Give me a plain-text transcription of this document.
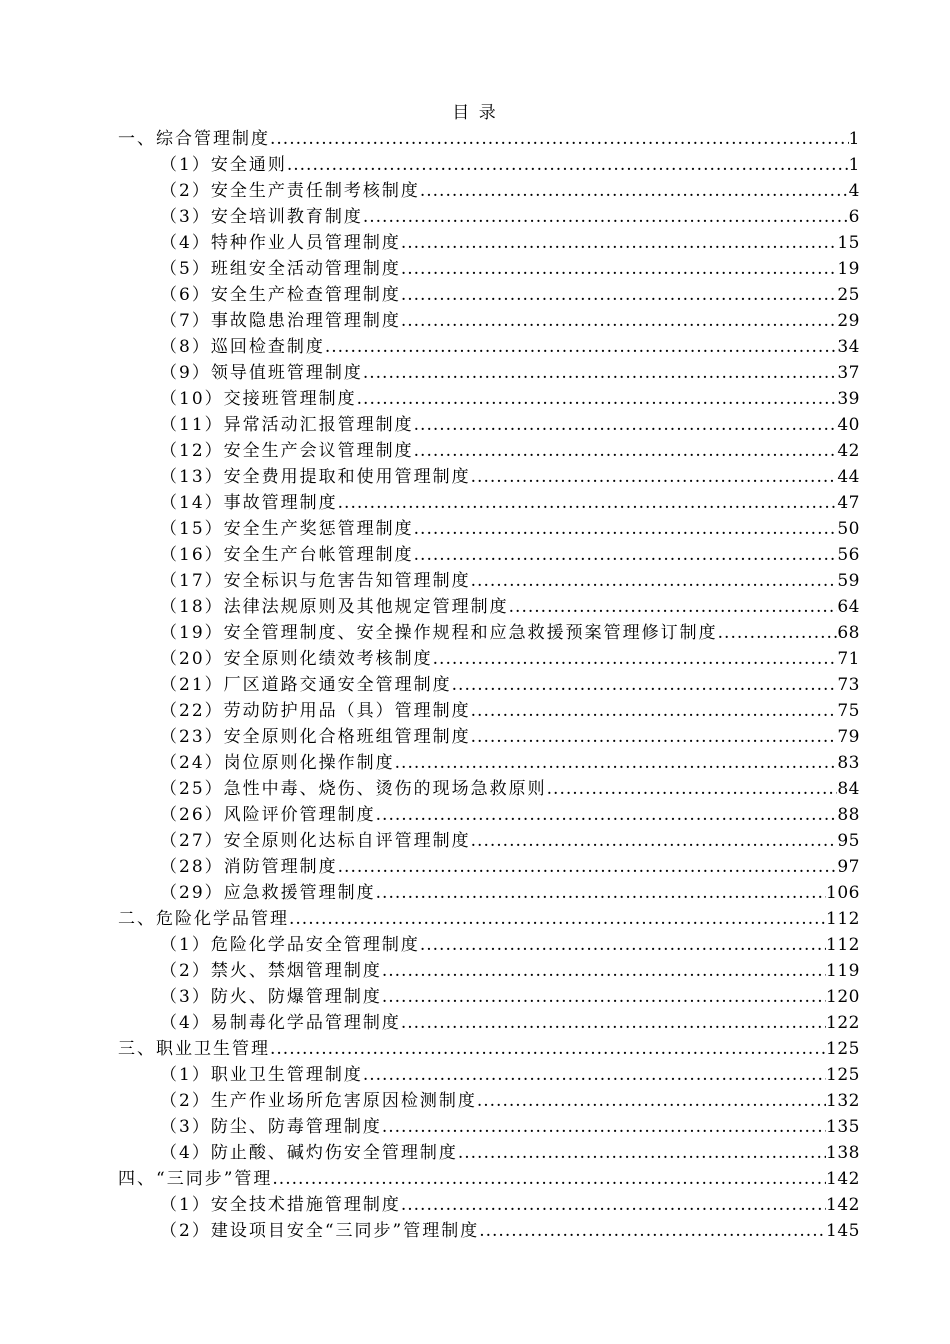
目 录
一、综合管理制度 .....	1
（1）安全通则 .....	1
（2）安全生产责任制考核制度 .....	4
（3）安全培训教育制度 .....	6
（4）特种作业人员管理制度 .....	15
（5）班组安全活动管理制度 .....	19
（6）安全生产检查管理制度 .....	25
（7）事故隐患治理管理制度 .....	29
（8）巡回检查制度 .....	34
（9）领导值班管理制度 .....	37
（10）交接班管理制度 .....	39
（11）异常活动汇报管理制度 .....	40
（12）安全生产会议管理制度 .....	42
（13）安全费用提取和使用管理制度 .....	44
（14）事故管理制度 .....	47
（15）安全生产奖惩管理制度 .....	50
（16）安全生产台帐管理制度 .....	56
（17）安全标识与危害告知管理制度 .....	59
（18）法律法规原则及其他规定管理制度 .....	64
（19）安全管理制度、安全操作规程和应急救援预案管理修订制度 .....	68
（20）安全原则化绩效考核制度 .....	71
（21）厂区道路交通安全管理制度 .....	73
（22）劳动防护用品（具）管理制度 .....	75
（23）安全原则化合格班组管理制度 .....	79
（24）岗位原则化操作制度 .....	83
（25）急性中毒、烧伤、烫伤的现场急救原则 .....	84
（26）风险评价管理制度 .....	88
（27）安全原则化达标自评管理制度 .....	95
（28）消防管理制度 .....	97
（29）应急救援管理制度 .....	106
二、危险化学品管理 .....	112
（1）危险化学品安全管理制度 .....	112
（2）禁火、禁烟管理制度 .....	119
（3）防火、防爆管理制度 .....	120
（4）易制毒化学品管理制度 .....	122
三、职业卫生管理 .....	125
（1）职业卫生管理制度 .....	125
（2）生产作业场所危害原因检测制度 .....	132
（3）防尘、防毒管理制度 .....	135
（4）防止酸、碱灼伤安全管理制度 .....	138
四、“三同步”管理 .....	142
（1）安全技术措施管理制度 .....	142
（2）建设项目安全“三同步”管理制度 .....	145
